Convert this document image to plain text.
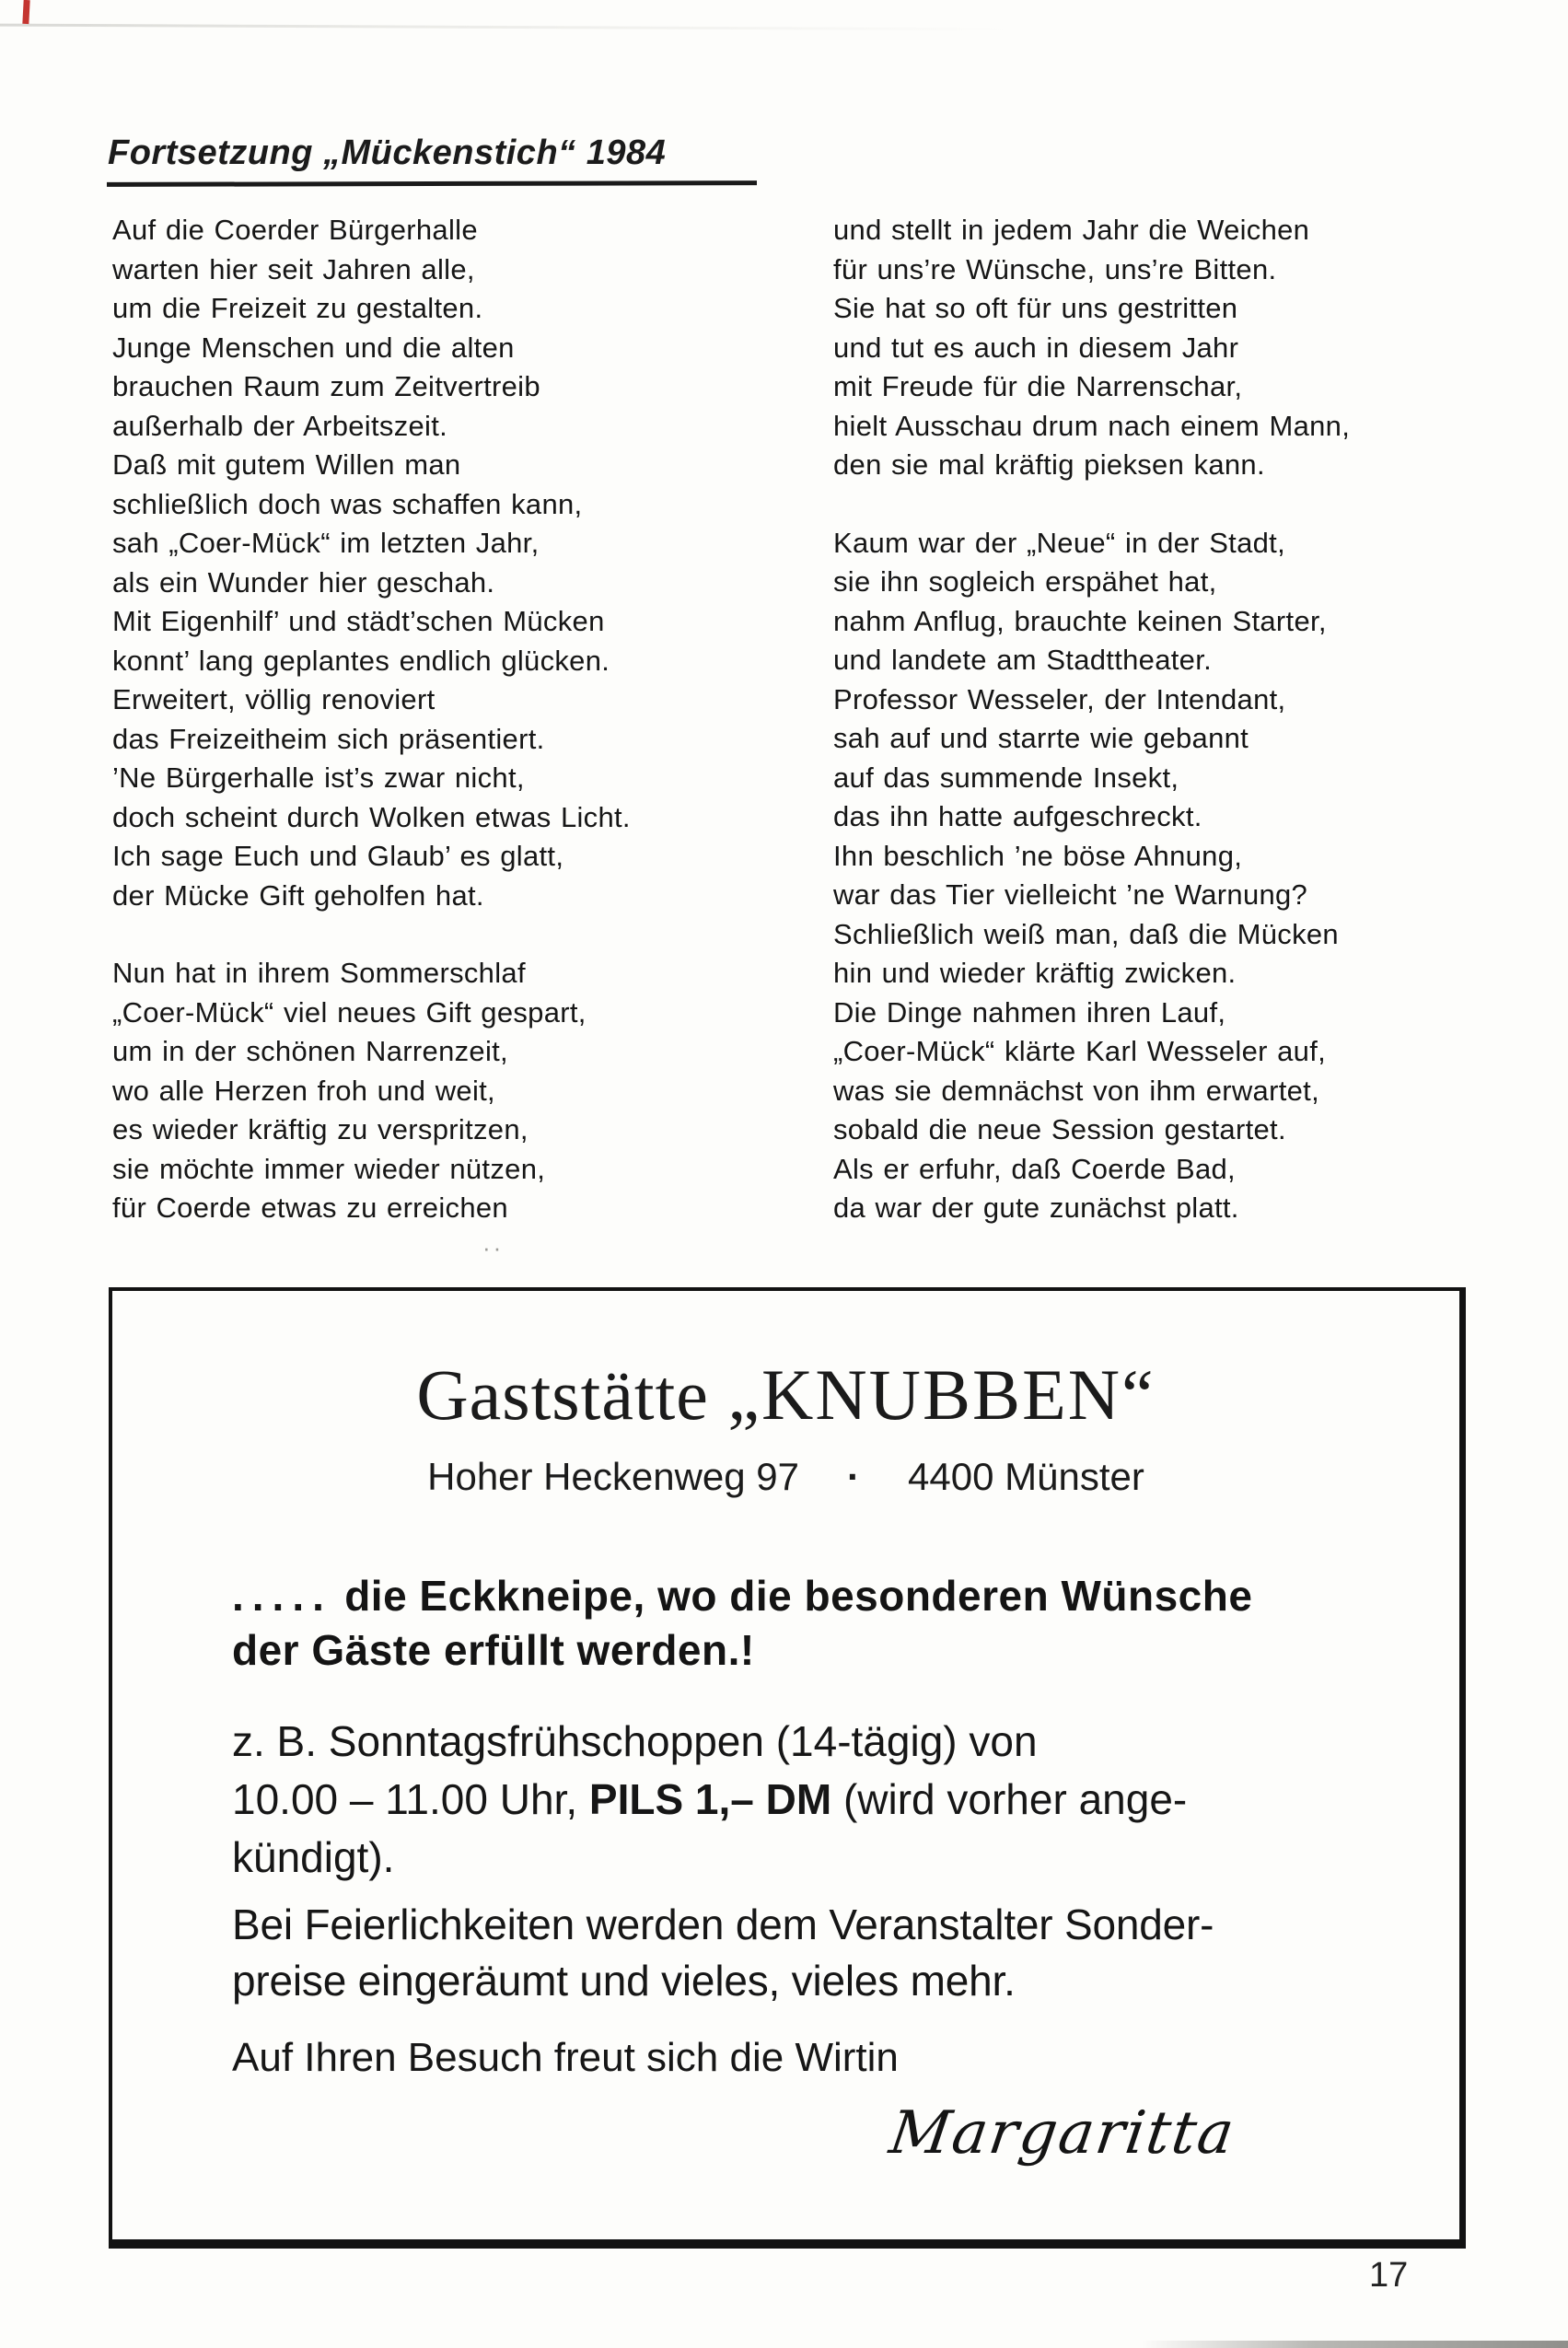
··
Fortsetzung „Mückenstich“ 1984
Auf die Coerder Bürgerhalle
warten hier seit Jahren alle,
um die Freizeit zu gestalten.
Junge Menschen und die alten
brauchen Raum zum Zeitvertreib
außerhalb der Arbeitszeit.
Daß mit gutem Willen man
schließlich doch was schaffen kann,
sah „Coer-Mück“ im letzten Jahr,
als ein Wunder hier geschah.
Mit Eigenhilf’ und städt’schen Mücken
konnt’ lang geplantes endlich glücken.
Erweitert, völlig renoviert
das Freizeitheim sich präsentiert.
’Ne Bürgerhalle ist’s zwar nicht,
doch scheint durch Wolken etwas Licht.
Ich sage Euch und Glaub’ es glatt,
der Mücke Gift geholfen hat.
Nun hat in ihrem Sommerschlaf
„Coer-Mück“ viel neues Gift gespart,
um in der schönen Narrenzeit,
wo alle Herzen froh und weit,
es wieder kräftig zu verspritzen,
sie möchte immer wieder nützen,
für Coerde etwas zu erreichen
und stellt in jedem Jahr die Weichen
für uns’re Wünsche, uns’re Bitten.
Sie hat so oft für uns gestritten
und tut es auch in diesem Jahr
mit Freude für die Narrenschar,
hielt Ausschau drum nach einem Mann,
den sie mal kräftig pieksen kann.
Kaum war der „Neue“ in der Stadt,
sie ihn sogleich erspähet hat,
nahm Anflug, brauchte keinen Starter,
und landete am Stadttheater.
Professor Wesseler, der Intendant,
sah auf und starrte wie gebannt
auf das summende Insekt,
das ihn hatte aufgeschreckt.
Ihn beschlich ’ne böse Ahnung,
war das Tier vielleicht ’ne Warnung?
Schließlich weiß man, daß die Mücken
hin und wieder kräftig zwicken.
Die Dinge nahmen ihren Lauf,
„Coer-Mück“ klärte Karl Wesseler auf,
was sie demnächst von ihm erwartet,
sobald die neue Session gestartet.
Als er erfuhr, daß Coerde Bad,
da war der gute zunächst platt.
Gaststätte „KNUBBEN“
Hoher Heckenweg 97 · 4400 Münster
..... die Eckkneipe, wo die besonderen Wünsche
der Gäste erfüllt werden.!
z. B. Sonntagsfrühschoppen (14-tägig) von
10.00 – 11.00 Uhr, PILS 1,– DM (wird vorher ange-
kündigt).
Bei Feierlichkeiten werden dem Veranstalter Sonder-
preise eingeräumt und vieles, vieles mehr.
Auf Ihren Besuch freut sich die Wirtin
Margaritta
17
